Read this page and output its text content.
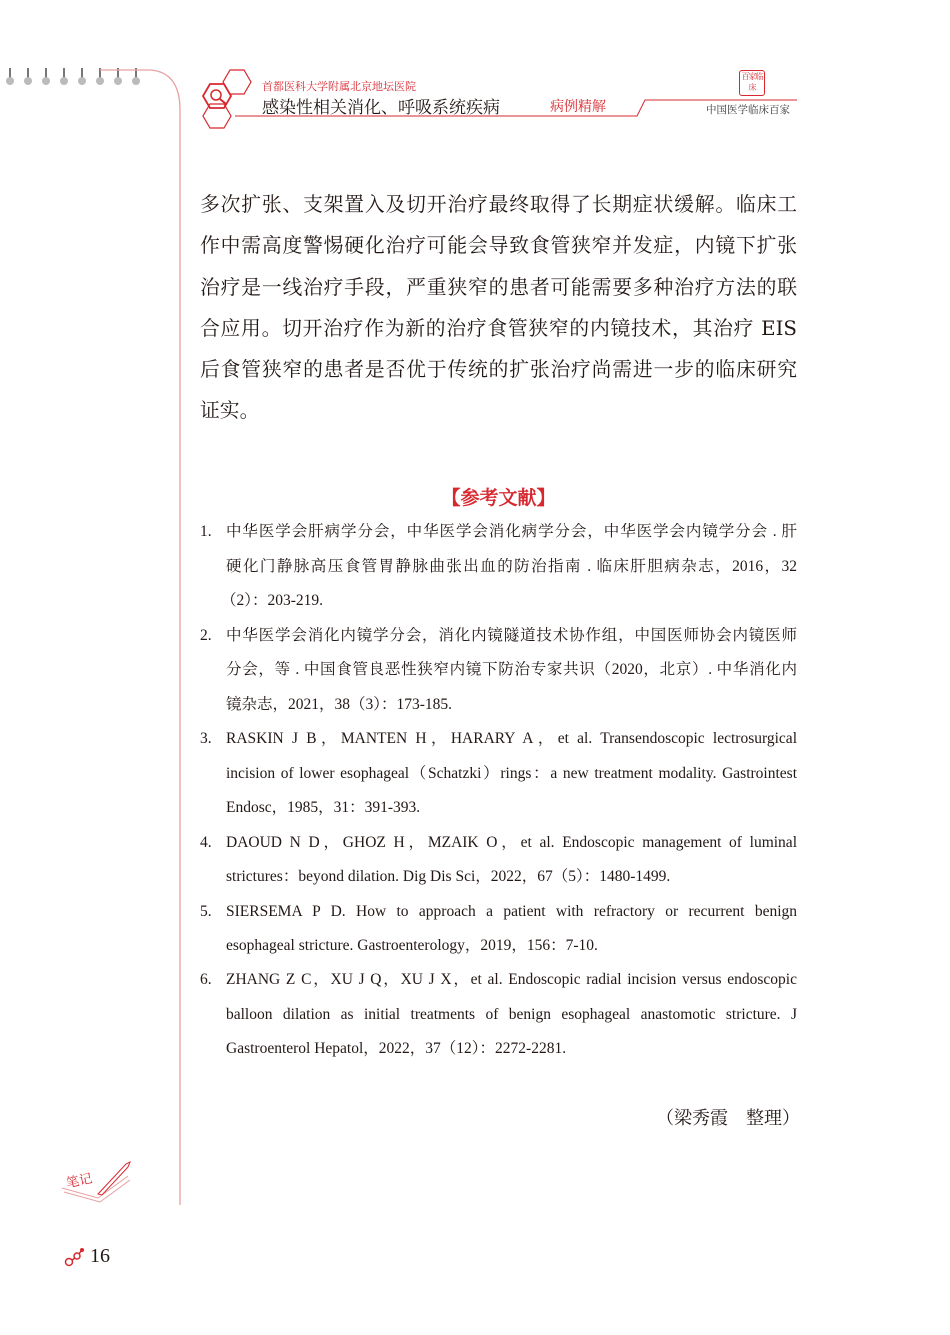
首都医科大学附属北京地坛医院
感染性相关消化、呼吸系统疾病	病例精解
百家临床
中国医学临床百家
多次扩张、支架置入及切开治疗最终取得了长期症状缓解。临床工
作中需高度警惕硬化治疗可能会导致食管狭窄并发症，内镜下扩张
治疗是一线治疗手段，严重狭窄的患者可能需要多种治疗方法的联
合应用。切开治疗作为新的治疗食管狭窄的内镜技术，其治疗 EIS
后食管狭窄的患者是否优于传统的扩张治疗尚需进一步的临床研究
证实。
【参考文献】
1. 中华医学会肝病学分会，中华医学会消化病学分会，中华医学会内镜学分会 . 肝
硬化门静脉高压食管胃静脉曲张出血的防治指南 . 临床肝胆病杂志，2016，32
（2）：203-219.
2. 中华医学会消化内镜学分会，消化内镜隧道技术协作组，中国医师协会内镜医师
分会，等 . 中国食管良恶性狭窄内镜下防治专家共识（2020，北京）. 中华消化内
镜杂志，2021，38（3）：173-185.
3. RASKIN J B，MANTEN H，HARARY A，et al. Transendoscopic lectrosurgical
incision of lower esophageal（Schatzki）rings：a new treatment modality. Gastrointest
Endosc，1985，31：391-393.
4. DAOUD N D，GHOZ H，MZAIK O，et al. Endoscopic management of luminal
strictures：beyond dilation. Dig Dis Sci，2022，67（5）：1480-1499.
5. SIERSEMA P D. How to approach a patient with refractory or recurrent benign
esophageal stricture. Gastroenterology，2019，156：7-10.
6. ZHANG Z C，XU J Q，XU J X，et al. Endoscopic radial incision versus endoscopic
balloon dilation as initial treatments of benign esophageal anastomotic stricture. J
Gastroenterol Hepatol，2022，37（12）：2272-2281.
（梁秀霞　整理）
笔记
16
